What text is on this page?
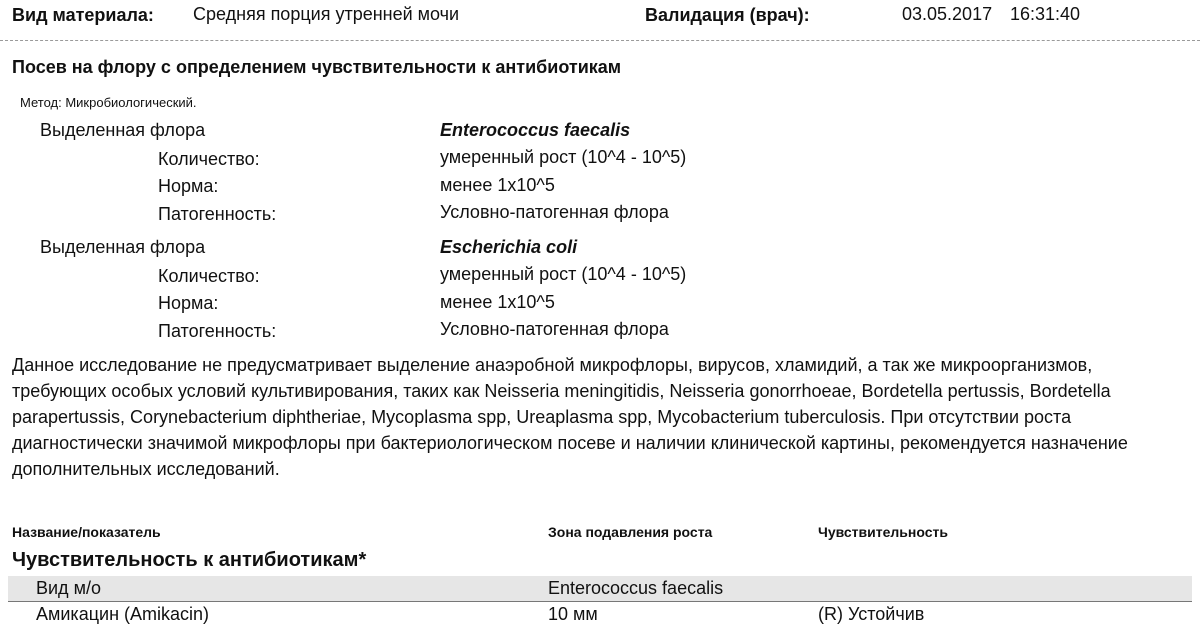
Вид материала: Средняя порция утренней мочи	Валидация (врач):	03.05.2017 16:31:40
Посев на флору с определением чувствительности к антибиотикам
Метод: Микробиологический.
Выделенная флора	Enterococcus faecalis
Количество:	умеренный рост (10^4 - 10^5)
Норма:	менее 1х10^5
Патогенность:	Условно-патогенная флора
Выделенная флора	Escherichia coli
Количество:	умеренный рост (10^4 - 10^5)
Норма:	менее 1х10^5
Патогенность:	Условно-патогенная флора
Данное исследование не предусматривает выделение анаэробной микрофлоры, вирусов, хламидий, а так же микроорганизмов, требующих особых условий культивирования, таких как Neisseria meningitidis, Neisseria gonorrhoeae, Bordetella pertussis, Bordetella parapertussis, Corynebacterium diphtheriae, Mycoplasma spp, Ureaplasma spp, Mycobacterium tuberculosis. При отсутствии роста диагностически значимой микрофлоры при бактериологическом посеве и наличии клинической картины, рекомендуется назначение дополнительных исследований.
Название/показатель	Зона подавления роста	Чувствительность
Чувствительность к антибиотикам*
Вид м/о	Enterococcus faecalis
Амикацин (Amikacin)	10 мм	(R) Устойчив
